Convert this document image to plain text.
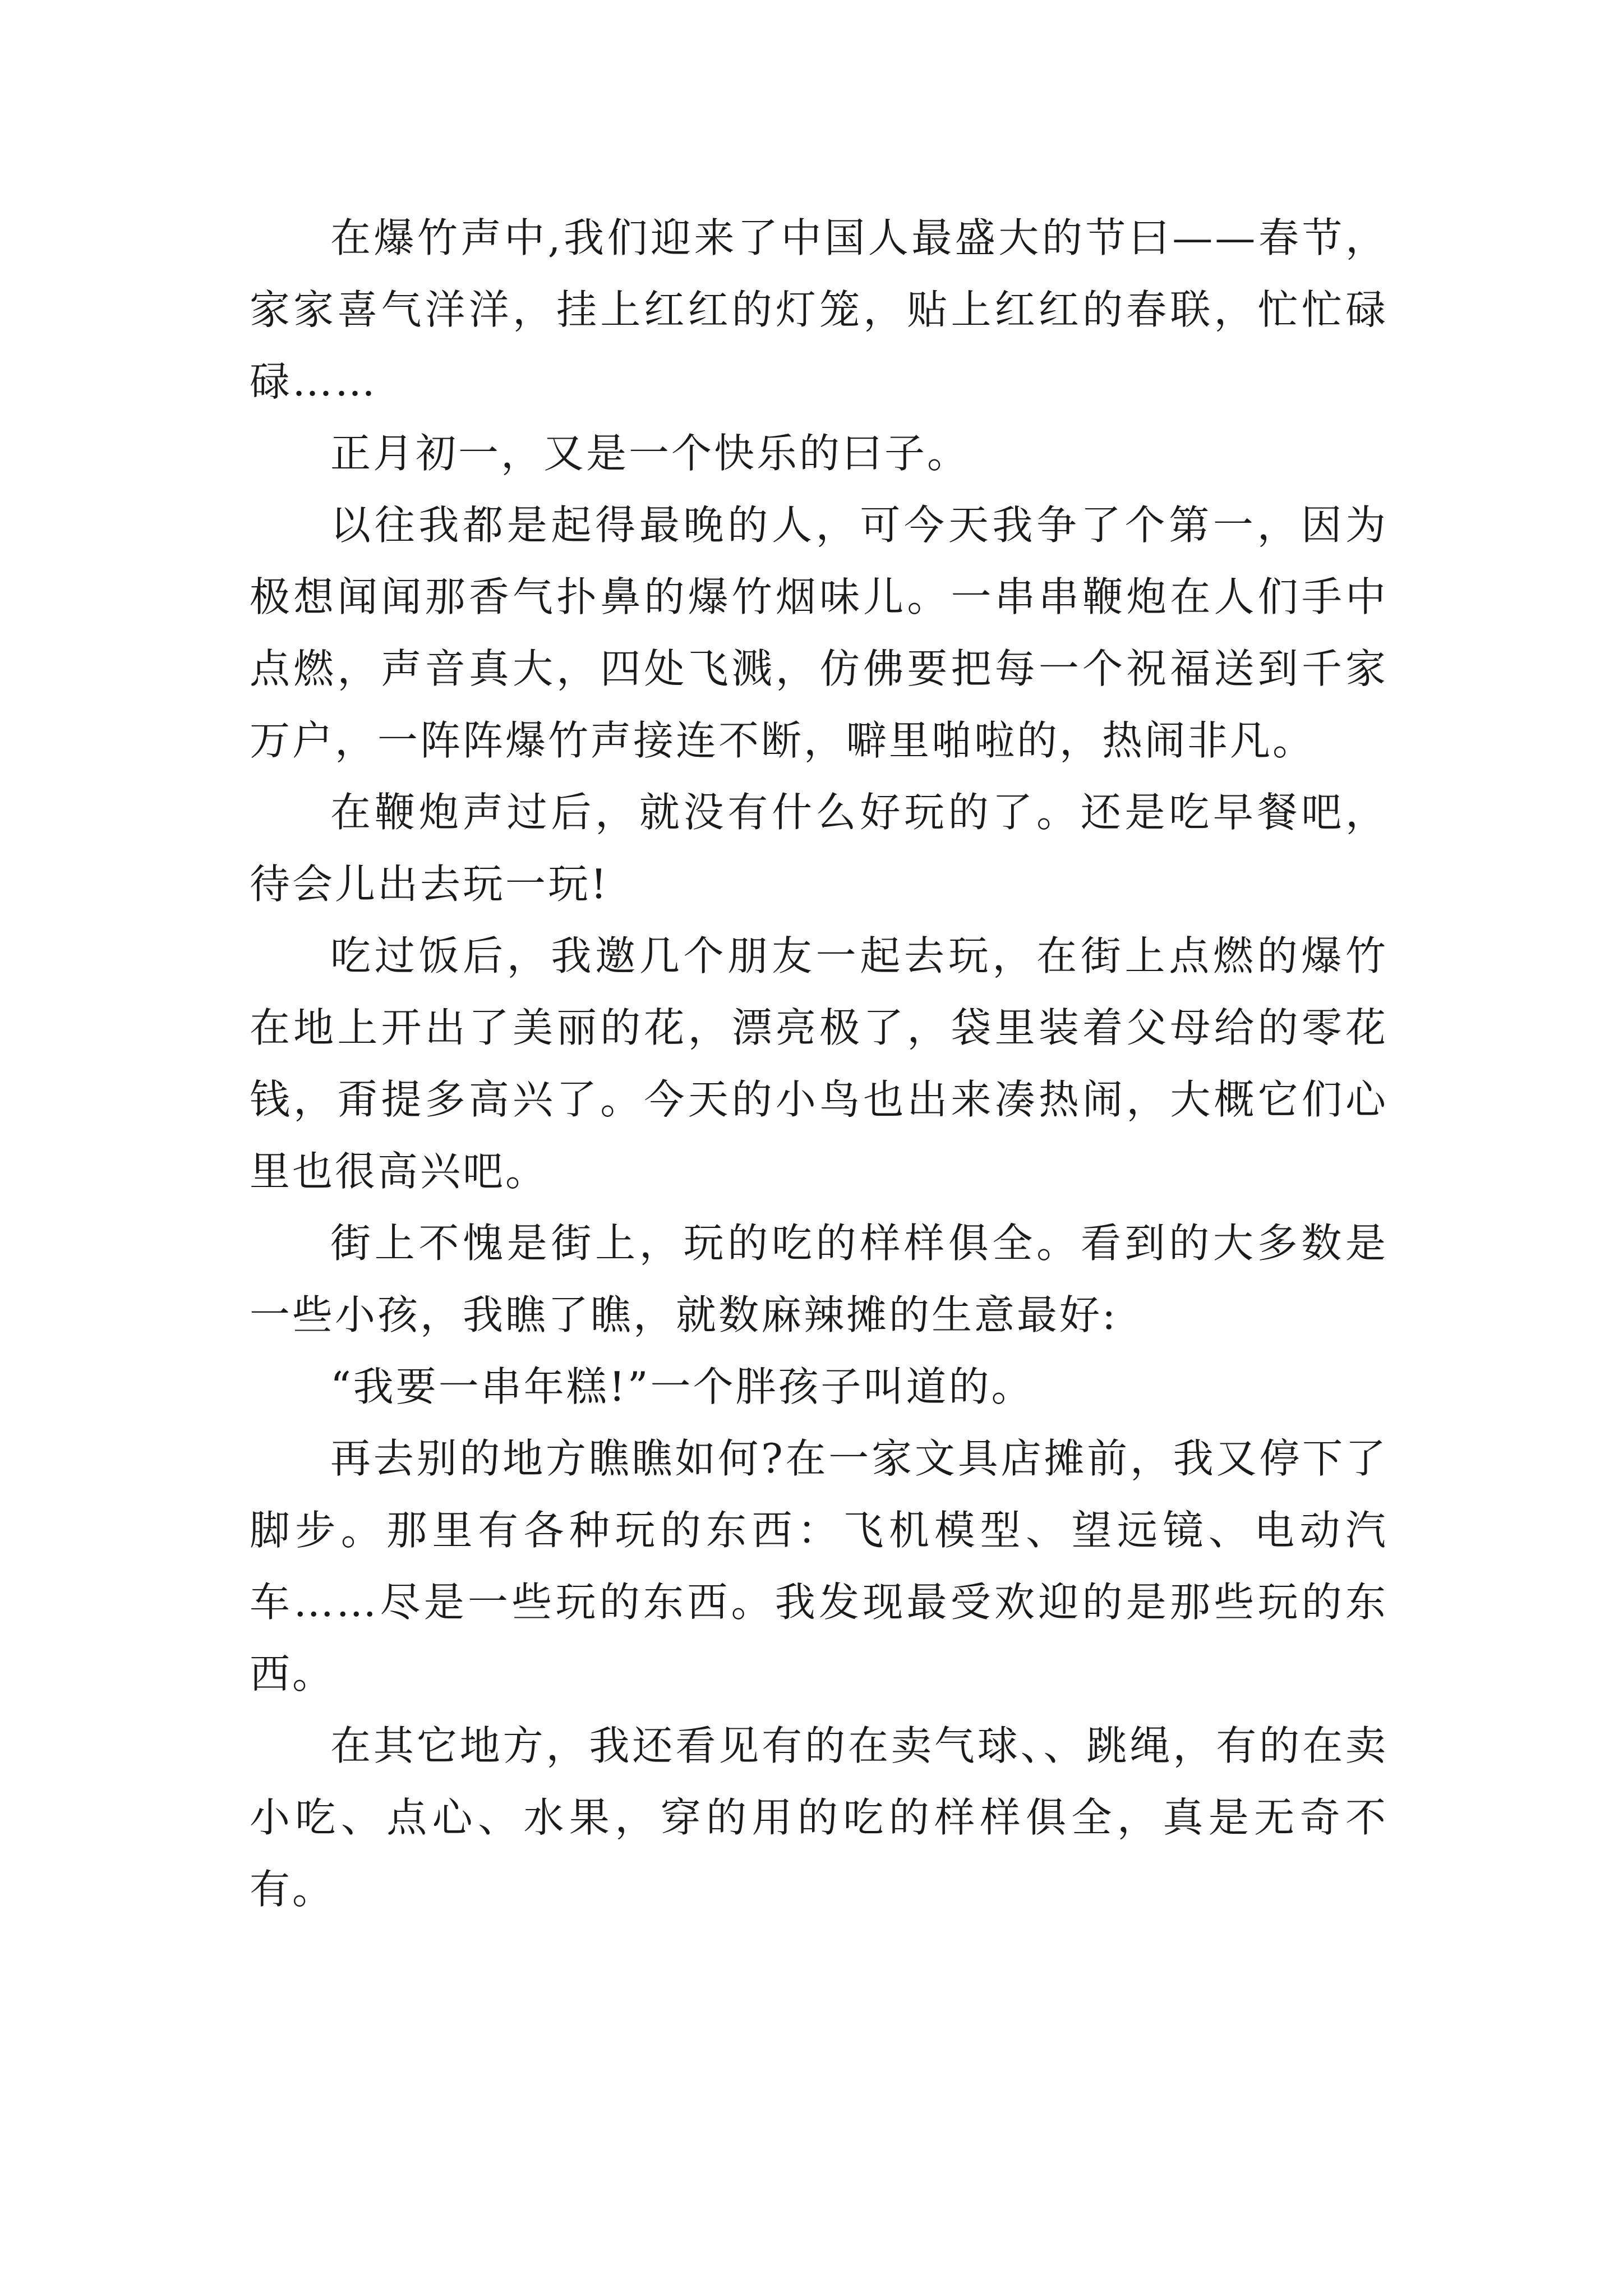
在爆竹声中,我们迎来了中国人最盛大的节曰——春节，家家喜气洋洋，挂上红红的灯笼，贴上红红的春联，忙忙碌碌……

正月初一，又是一个快乐的曰子。

以往我都是起得最晚的人，可今天我争了个第一，因为极想闻闻那香气扑鼻的爆竹烟味儿。一串串鞭炮在人们手中点燃，声音真大，四处飞溅，仿佛要把每一个祝福送到千家万户，一阵阵爆竹声接连不断，噼里啪啦的，热闹非凡。

在鞭炮声过后，就没有什么好玩的了。还是吃早餐吧，待会儿出去玩一玩!

吃过饭后，我邀几个朋友一起去玩，在街上点燃的爆竹在地上开出了美丽的花，漂亮极了，袋里装着父母给的零花钱，甭提多高兴了。今天的小鸟也出来凑热闹，大概它们心里也很高兴吧。

街上不愧是街上，玩的吃的样样俱全。看到的大多数是一些小孩，我瞧了瞧，就数麻辣摊的生意最好:

“我要一串年糕!”一个胖孩子叫道的。

再去别的地方瞧瞧如何?在一家文具店摊前，我又停下了脚步。那里有各种玩的东西：飞机模型、望远镜、电动汽车……尽是一些玩的东西。我发现最受欢迎的是那些玩的东西。

在其它地方，我还看见有的在卖气球、、跳绳，有的在卖小吃、点心、水果，穿的用的吃的样样俱全，真是无奇不有。
